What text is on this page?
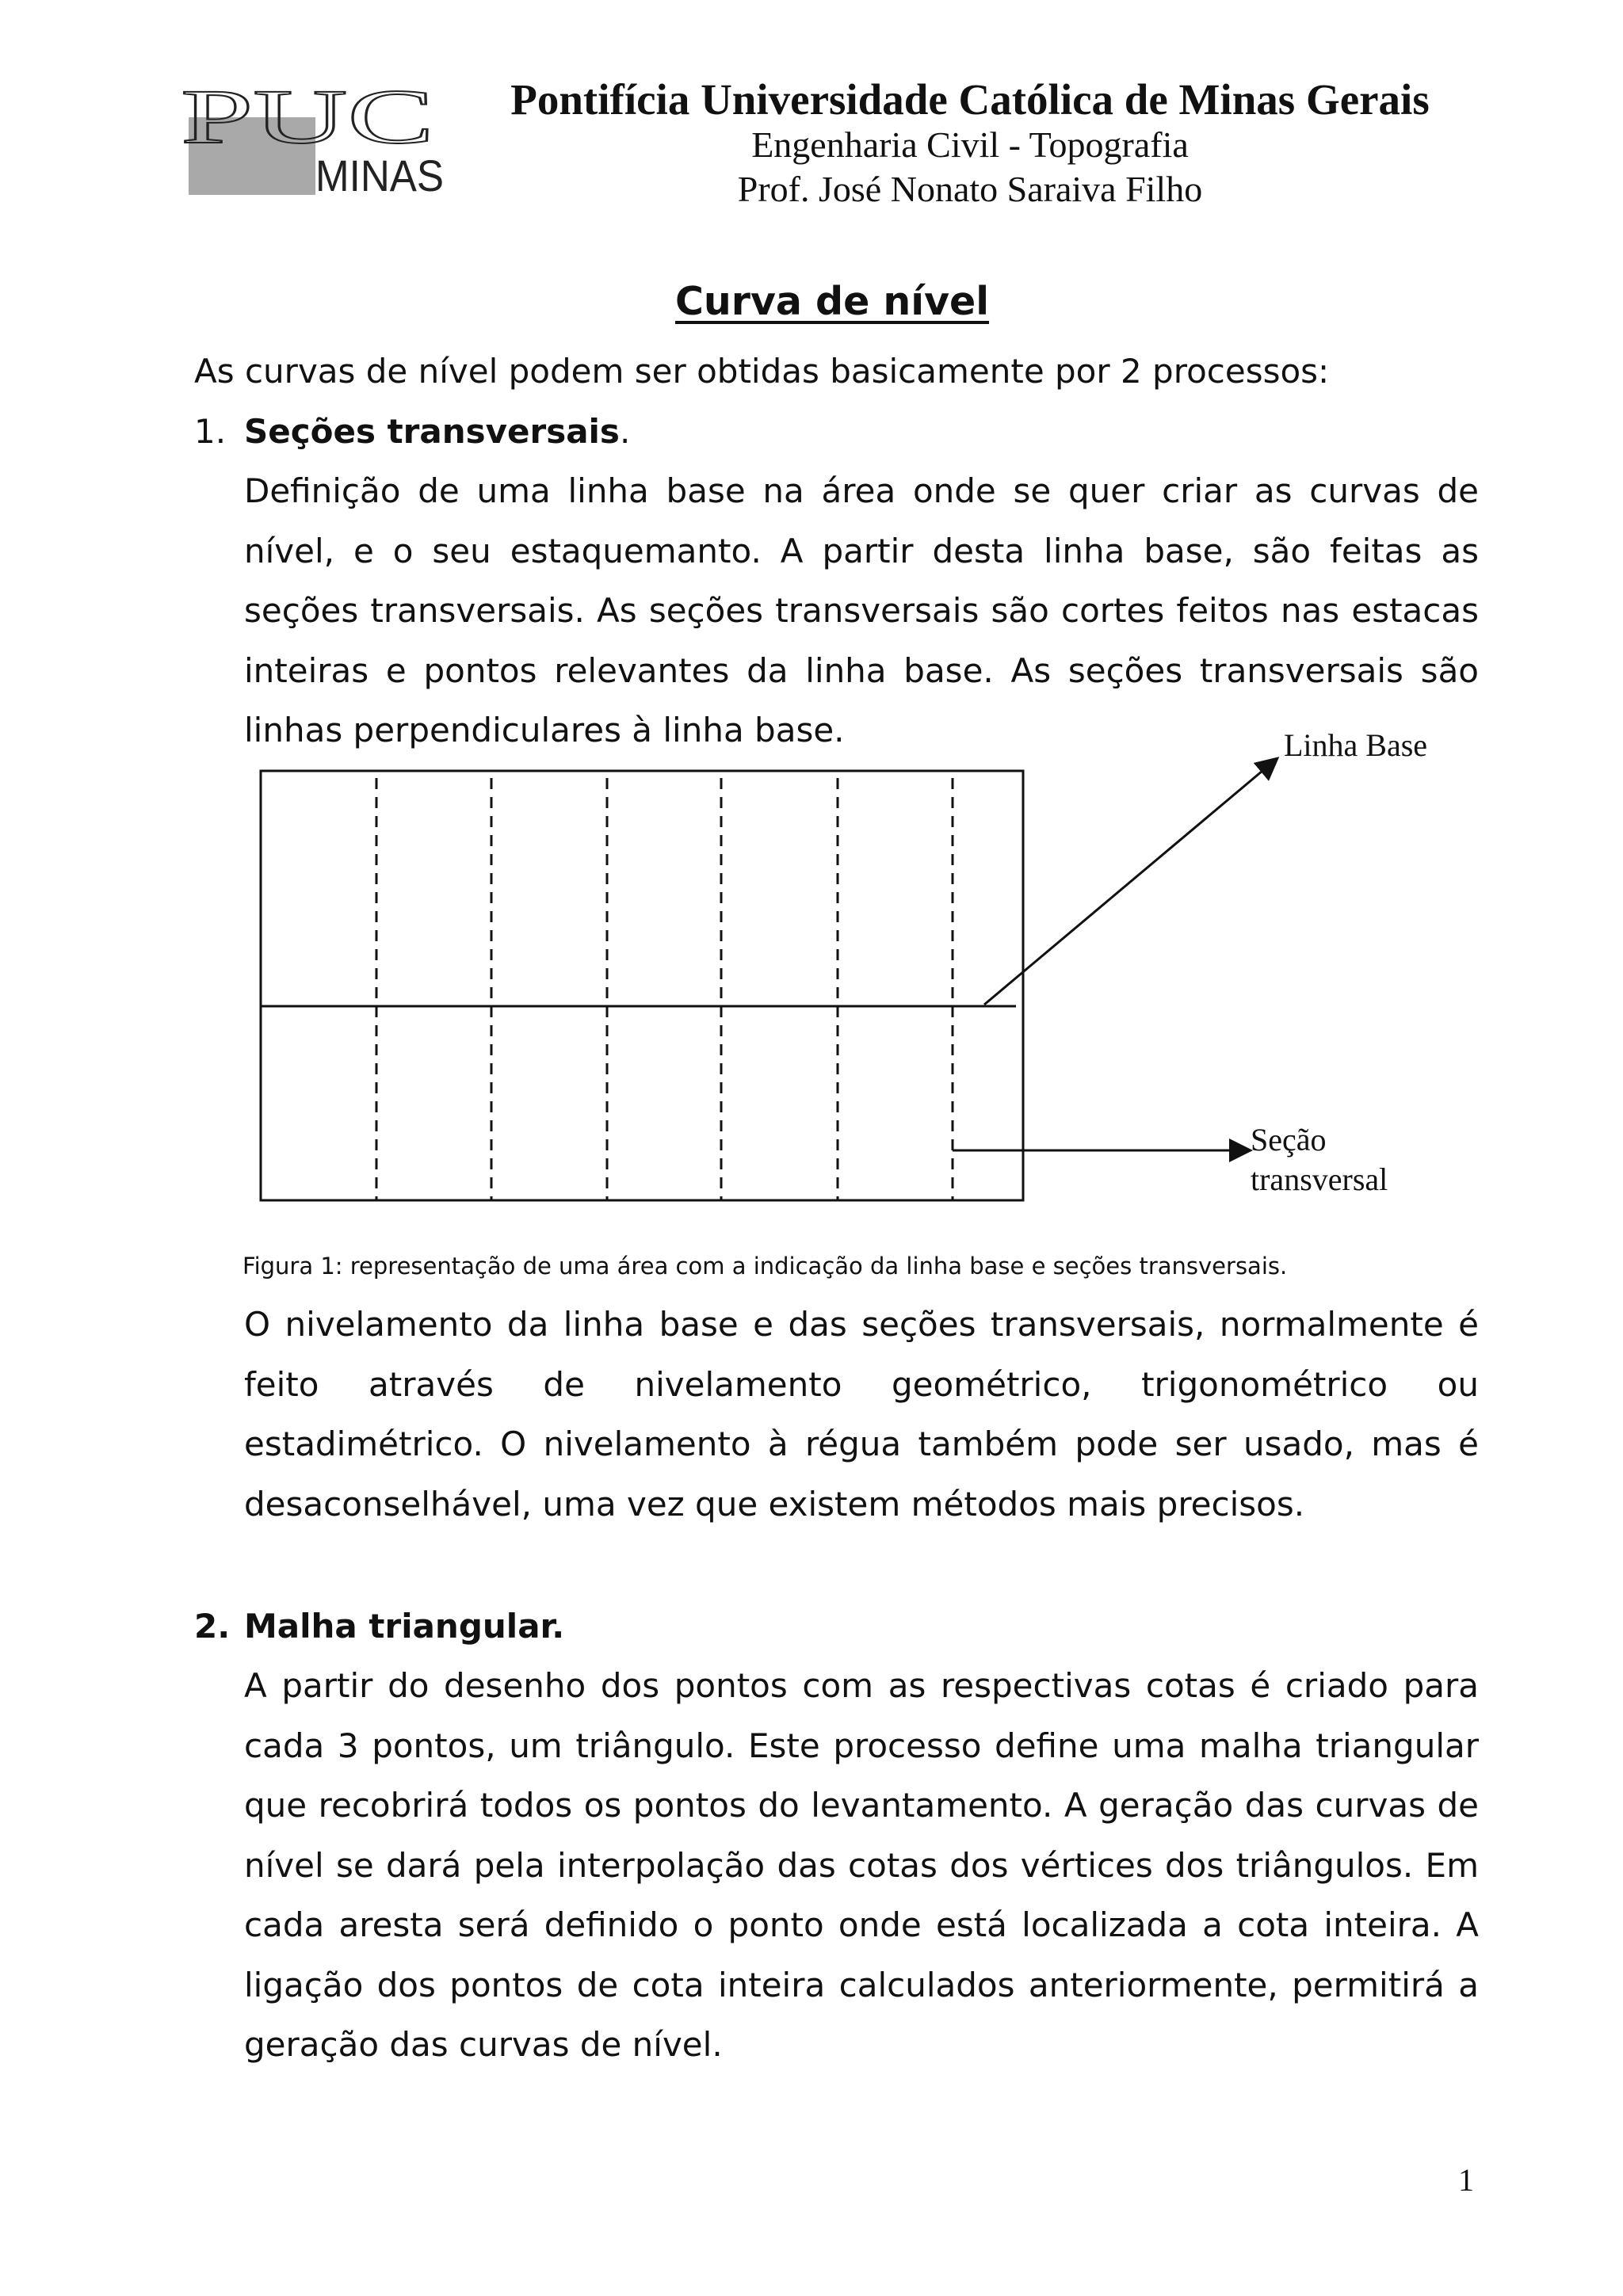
PUC
MINAS
Pontifícia Universidade Católica de Minas Gerais
Engenharia Civil - Topografia
Prof. José Nonato Saraiva Filho
Curva de nível

As curvas de nível podem ser obtidas basicamente por 2 processos:

1. Seções transversais.

Definição de uma linha base na área onde se quer criar as curvas de nível, e o seu estaquemanto. A partir desta linha base, são feitas as seções transversais. As seções transversais são cortes feitos nas estacas inteiras e pontos relevantes da linha base. As seções transversais são linhas perpendiculares à linha base.	Linha Base
Seção
transversal
Figura 1: representação de uma área com a indicação da linha base e seções transversais.

O nivelamento da linha base e das seções transversais, normalmente é feito através de nivelamento geométrico, trigonométrico ou estadimétrico. O nivelamento à régua também pode ser usado, mas é desaconselhável, uma vez que existem métodos mais precisos.

2. Malha triangular.

A partir do desenho dos pontos com as respectivas cotas é criado para cada 3 pontos, um triângulo. Este processo define uma malha triangular que recobrirá todos os pontos do levantamento. A geração das curvas de nível se dará pela interpolação das cotas dos vértices dos triângulos. Em cada aresta será definido o ponto onde está localizada a cota inteira. A ligação dos pontos de cota inteira calculados anteriormente, permitirá a geração das curvas de nível.

1
